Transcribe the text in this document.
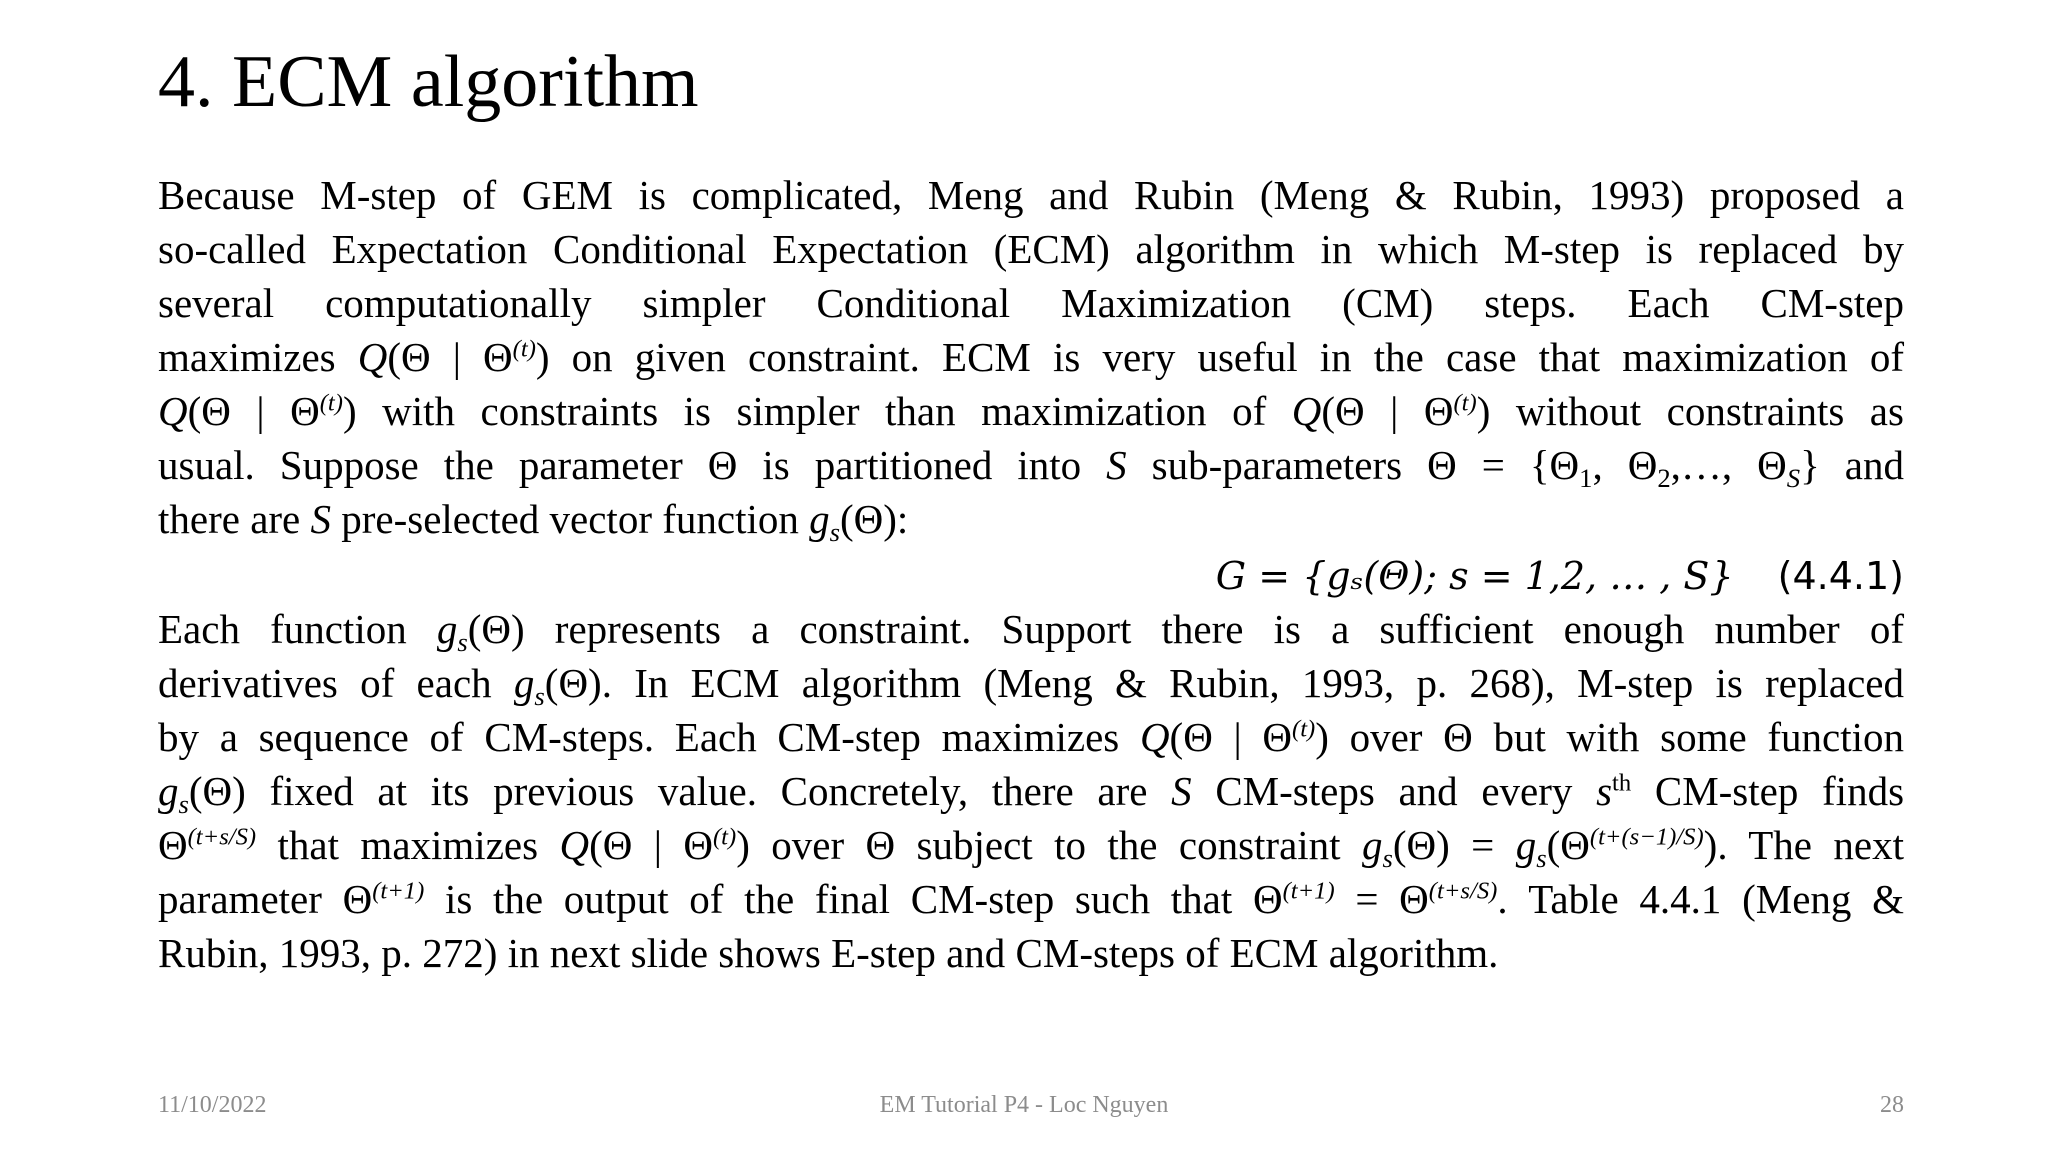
4. ECM algorithm
Because M-step of GEM is complicated, Meng and Rubin (Meng & Rubin, 1993) proposed a
so-called Expectation Conditional Expectation (ECM) algorithm in which M-step is replaced by
several computationally simpler Conditional Maximization (CM) steps. Each CM-step
maximizes Q(Θ | $\Theta^{(t)}$) on given constraint. ECM is very useful in the case that maximization of
Q(Θ | $\Theta^{(t)}$) with constraints is simpler than maximization of Q(Θ | $\Theta^{(t)}$) without constraints as
usual. Suppose the parameter Θ is partitioned into S sub-parameters $\Theta = \{\Theta_1$, $\Theta_2,\dots$, $\Theta_S$} and
there are S pre-selected vector function $g_s(\Theta)$:
G = {gₛ(Θ); s = 1,2, … , S} (4.4.1)
Each function $g_s(\Theta)$ represents a constraint. Support there is a sufficient enough number of
derivatives of each $g_s(\Theta)$. In ECM algorithm (Meng & Rubin, 1993, p. 268), M-step is replaced
by a sequence of CM-steps. Each CM-step maximizes Q(Θ | $\Theta^{(t)}$) over Θ but with some function
$g_s(\Theta)$ fixed at its previous value. Concretely, there are S CM-steps and every $s^{th}$ CM-step finds
$\Theta^{(t+s/S)}$ that maximizes Q(Θ | $\Theta^{(t)}$) over Θ subject to the constraint $g_s(\Theta) = g_s(\Theta^{(t+(s-1)/S)})$. The next
parameter $\Theta^{(t+1)}$ is the output of the final CM-step such that $\Theta^{(t+1)} = \Theta^{(t+s/S)}$. Table 4.4.1 (Meng &
Rubin, 1993, p. 272) in next slide shows E-step and CM-steps of ECM algorithm.
11/10/2022	EM Tutorial P4 - Loc Nguyen	28
